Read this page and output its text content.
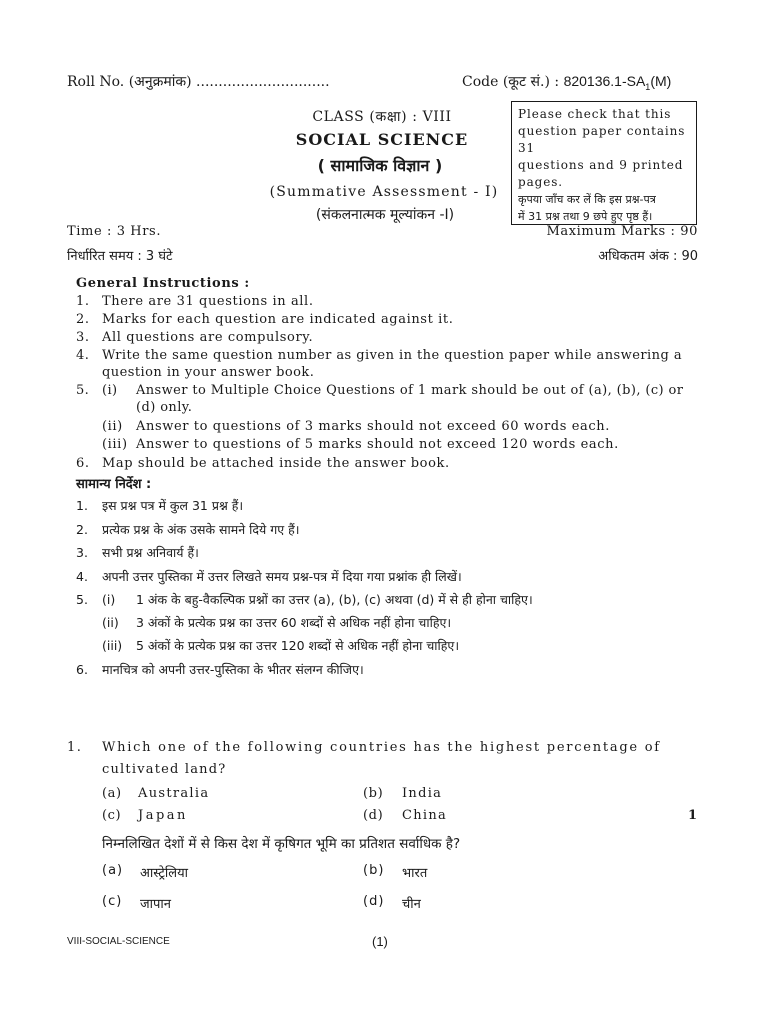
Roll No. (अनुक्रमांक) ..............................	Code (कूट सं.) : $820136.1-SA_1(M)$
CLASS (कक्षा) : VIII
SOCIAL SCIENCE
( सामाजिक विज्ञान )
(Summative Assessment - I)
(संकलनात्मक मूल्यांकन -I)
Please check that this
question paper contains 31
questions and 9 printed
pages.
कृपया जाँच कर लें कि इस प्रश्न-पत्र
में 31 प्रश्न तथा 9 छपे हुए पृष्ठ हैं।
Time : 3 Hrs.
निर्धारित समय : 3 घंटे
Maximum Marks : 90
अधिकतम अंक : 90
General Instructions :
1. There are 31 questions in all.
2. Marks for each question are indicated against it.
3. All questions are compulsory.
4. Write the same question number as given in the question paper while answering a
question in your answer book.
5. (i) Answer to Multiple Choice Questions of 1 mark should be out of (a), (b), (c) or
(d) only.
(ii) Answer to questions of 3 marks should not exceed 60 words each.
(iii) Answer to questions of 5 marks should not exceed 120 words each.
6. Map should be attached inside the answer book.
सामान्य निर्देश :
1.	इस प्रश्न पत्र में कुल 31 प्रश्न हैं।
2.	प्रत्येक प्रश्न के अंक उसके सामने दिये गए हैं।
3.	सभी प्रश्न अनिवार्य हैं।
4.	अपनी उत्तर पुस्तिका में उत्तर लिखते समय प्रश्न-पत्र में दिया गया प्रश्नांक ही लिखें।
5.	(i) 1 अंक के बहु-वैकल्पिक प्रश्नों का उत्तर (a), (b), (c) अथवा (d) में से ही होना चाहिए।
(ii) 3 अंकों के प्रत्येक प्रश्न का उत्तर 60 शब्दों से अधिक नहीं होना चाहिए।
(iii) 5 अंकों के प्रत्येक प्रश्न का उत्तर 120 शब्दों से अधिक नहीं होना चाहिए।
6.	मानचित्र को अपनी उत्तर-पुस्तिका के भीतर संलग्न कीजिए।
1. Which one of the following countries has the highest percentage of
cultivated land?
(a) Australia	(b) India
(c) Japan	(d) China	1
निम्नलिखित देशों में से किस देश में कृषिगत भूमि का प्रतिशत सर्वाधिक है?
(a) आस्ट्रेलिया	(b) भारत
(c) जापान	(d) चीन
VIII-SOCIAL-SCIENCE	(1)
